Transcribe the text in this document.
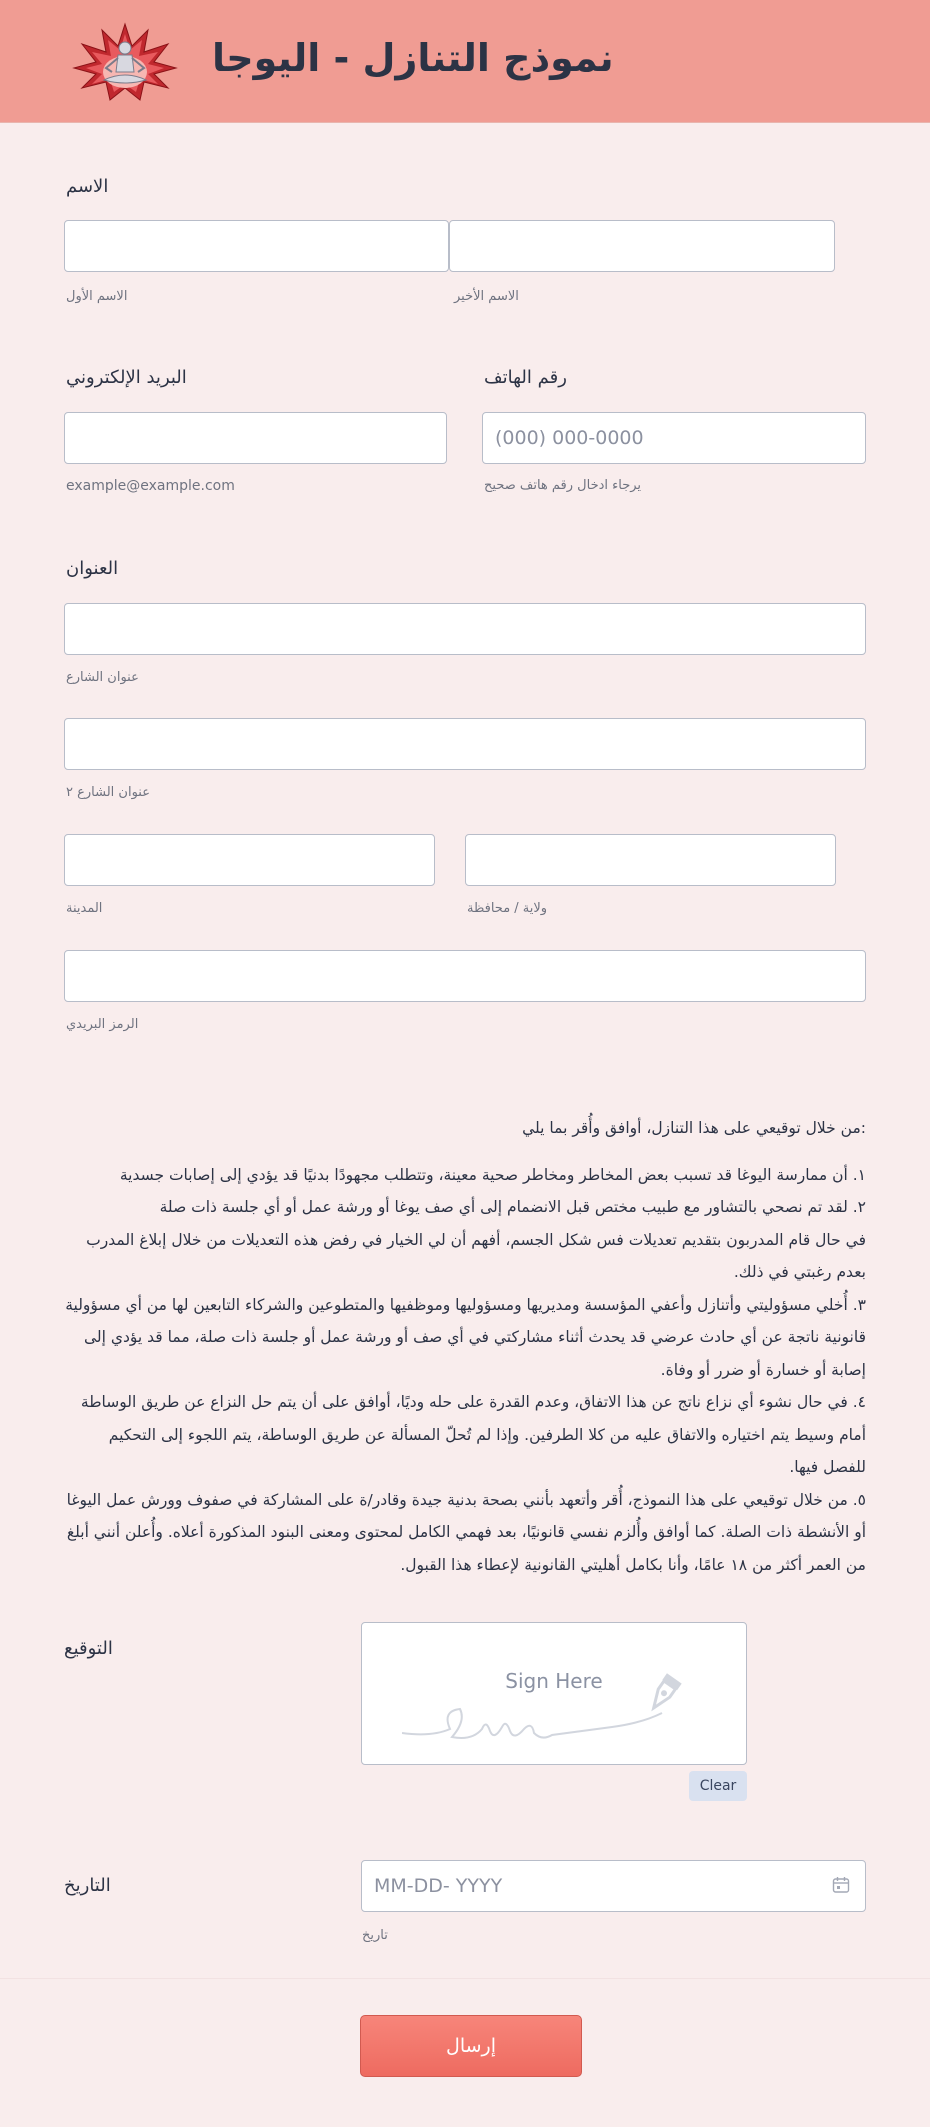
نموذج التنازل - اليوجا
الاسم
الاسم الأول	الاسم الأخير
البريد الإلكتروني
example@example.com
رقم الهاتف
(000) 000-0000
يرجاء ادخال رقم هاتف صحيح
العنوان
عنوان الشارع
عنوان الشارع ٢
المدينة	ولاية / محافظة
الرمز البريدي

:من خلال توقيعي على هذا التنازل، أوافق وأُقر بما يلي

١. أن ممارسة اليوغا قد تسبب بعض المخاطر ومخاطر صحية معينة، وتتطلب مجهودًا بدنيًا قد يؤدي إلى إصابات جسدية

٢. لقد تم نصحي بالتشاور مع طبيب مختص قبل الانضمام إلى أي صف يوغا أو ورشة عمل أو أي جلسة ذات صلة

في حال قام المدربون بتقديم تعديلات فس شكل الجسم، أفهم أن لي الخيار في رفض هذه التعديلات من خلال إبلاغ المدرب بعدم رغبتي في ذلك.

٣. أُخلي مسؤوليتي وأتنازل وأعفي المؤسسة ومديريها ومسؤوليها وموظفيها والمتطوعين والشركاء التابعين لها من أي مسؤولية قانونية ناتجة عن أي حادث عرضي قد يحدث أثناء مشاركتي في أي صف أو ورشة عمل أو جلسة ذات صلة، مما قد يؤدي إلى إصابة أو خسارة أو ضرر أو وفاة.

٤. في حال نشوء أي نزاع ناتج عن هذا الاتفاق، وعدم القدرة على حله وديًا، أوافق على أن يتم حل النزاع عن طريق الوساطة أمام وسيط يتم اختياره والاتفاق عليه من كلا الطرفين. وإذا لم تُحلّ المسألة عن طريق الوساطة، يتم اللجوء إلى التحكيم للفصل فيها.

٥. من خلال توقيعي على هذا النموذج، أُقر وأتعهد بأنني بصحة بدنية جيدة وقادر/ة على المشاركة في صفوف وورش عمل اليوغا أو الأنشطة ذات الصلة. كما أوافق وأُلزم نفسي قانونيًا، بعد فهمي الكامل لمحتوى ومعنى البنود المذكورة أعلاه. وأُعلن أنني أبلغ من العمر أكثر من ١٨ عامًا، وأنا بكامل أهليتي القانونية لإعطاء هذا القبول.

التوقيع
Sign Here
Clear
التاريخ
MM-DD- YYYY
تاريخ
إرسال
